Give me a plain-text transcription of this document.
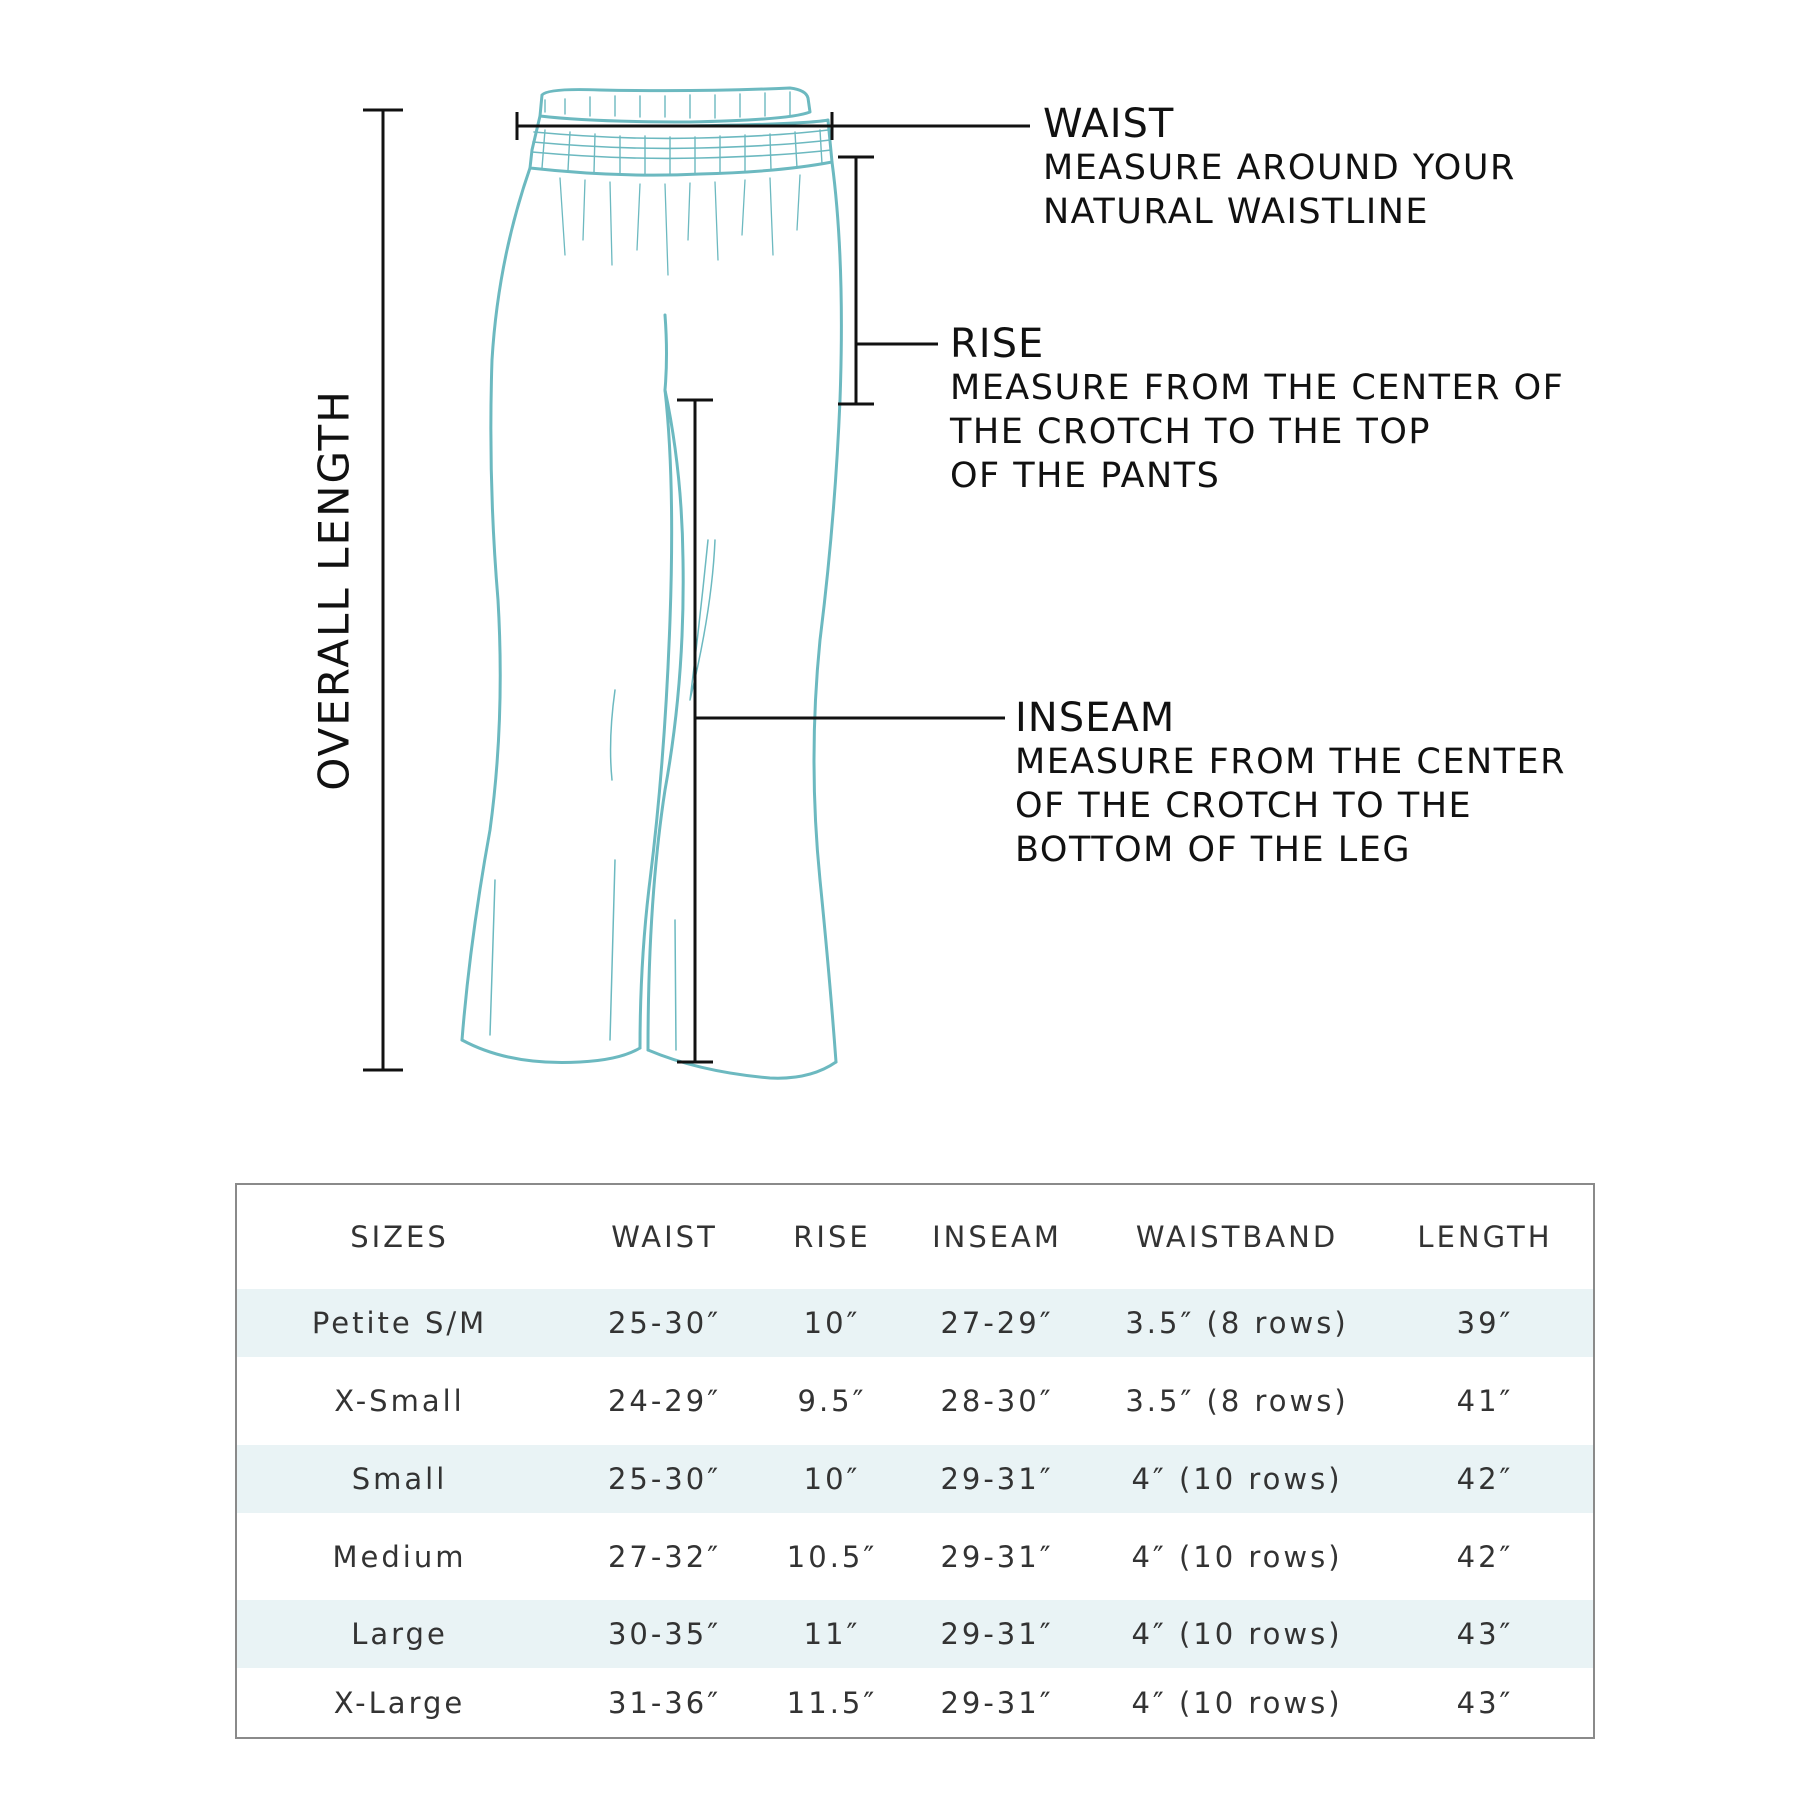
OVERALL LENGTH
WAIST
MEASURE AROUND YOUR
NATURAL WAISTLINE
RISE
MEASURE FROM THE CENTER OF
THE CROTCH TO THE TOP
OF THE PANTS
INSEAM
MEASURE FROM THE CENTER
OF THE CROTCH TO THE
BOTTOM OF THE LEG
SIZES	WAIST	RISE	INSEAM	WAISTBAND	LENGTH
Petite S/M	25-30″	10″	27-29″	3.5″ (8 rows)	39″
X-Small	24-29″	9.5″	28-30″	3.5″ (8 rows)	41″
Small	25-30″	10″	29-31″	4″ (10 rows)	42″
Medium	27-32″	10.5″	29-31″	4″ (10 rows)	42″
Large	30-35″	11″	29-31″	4″ (10 rows)	43″
X-Large	31-36″	11.5″	29-31″	4″ (10 rows)	43″
